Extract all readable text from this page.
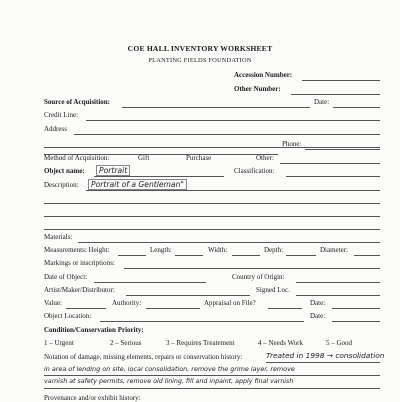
COE HALL INVENTORY WORKSHEET
PLANTING FIELDS FOUNDATION
Accession Number:
Other Number:
Source of Acquisition:	Date:
Credit Line:
Address
Phone:
Method of Acquisition:	Gift	Purchase	Other:
Object name:	Portrait	Classification:
Description:	Portrait of a Gentleman"
Materials:
Measurements: Height:	Length:	Width:	Depth:	Diameter:
Markings or inscriptions:
Date of Object:	Country of Origin:
Artist/Maker/Distributor:	Signed Loc.
Value:	Authority:	Appraisal on File?	Date:
Object Location:	Date:
Condition/Conservation Priority:
1 – Urgent	2 – Serious	3 – Requires Treatement	4 – Needs Work	5 – Good
Notation of damage, missing elements, repairs or conservation history:	Treated in 1998 → consolidation
in area of lending on site, local consolidation, remove the grime layer, remove
varnish at safety permits, remove old lining, fill and inpaint, apply final varnish
Provenance and/or exhibit history:
